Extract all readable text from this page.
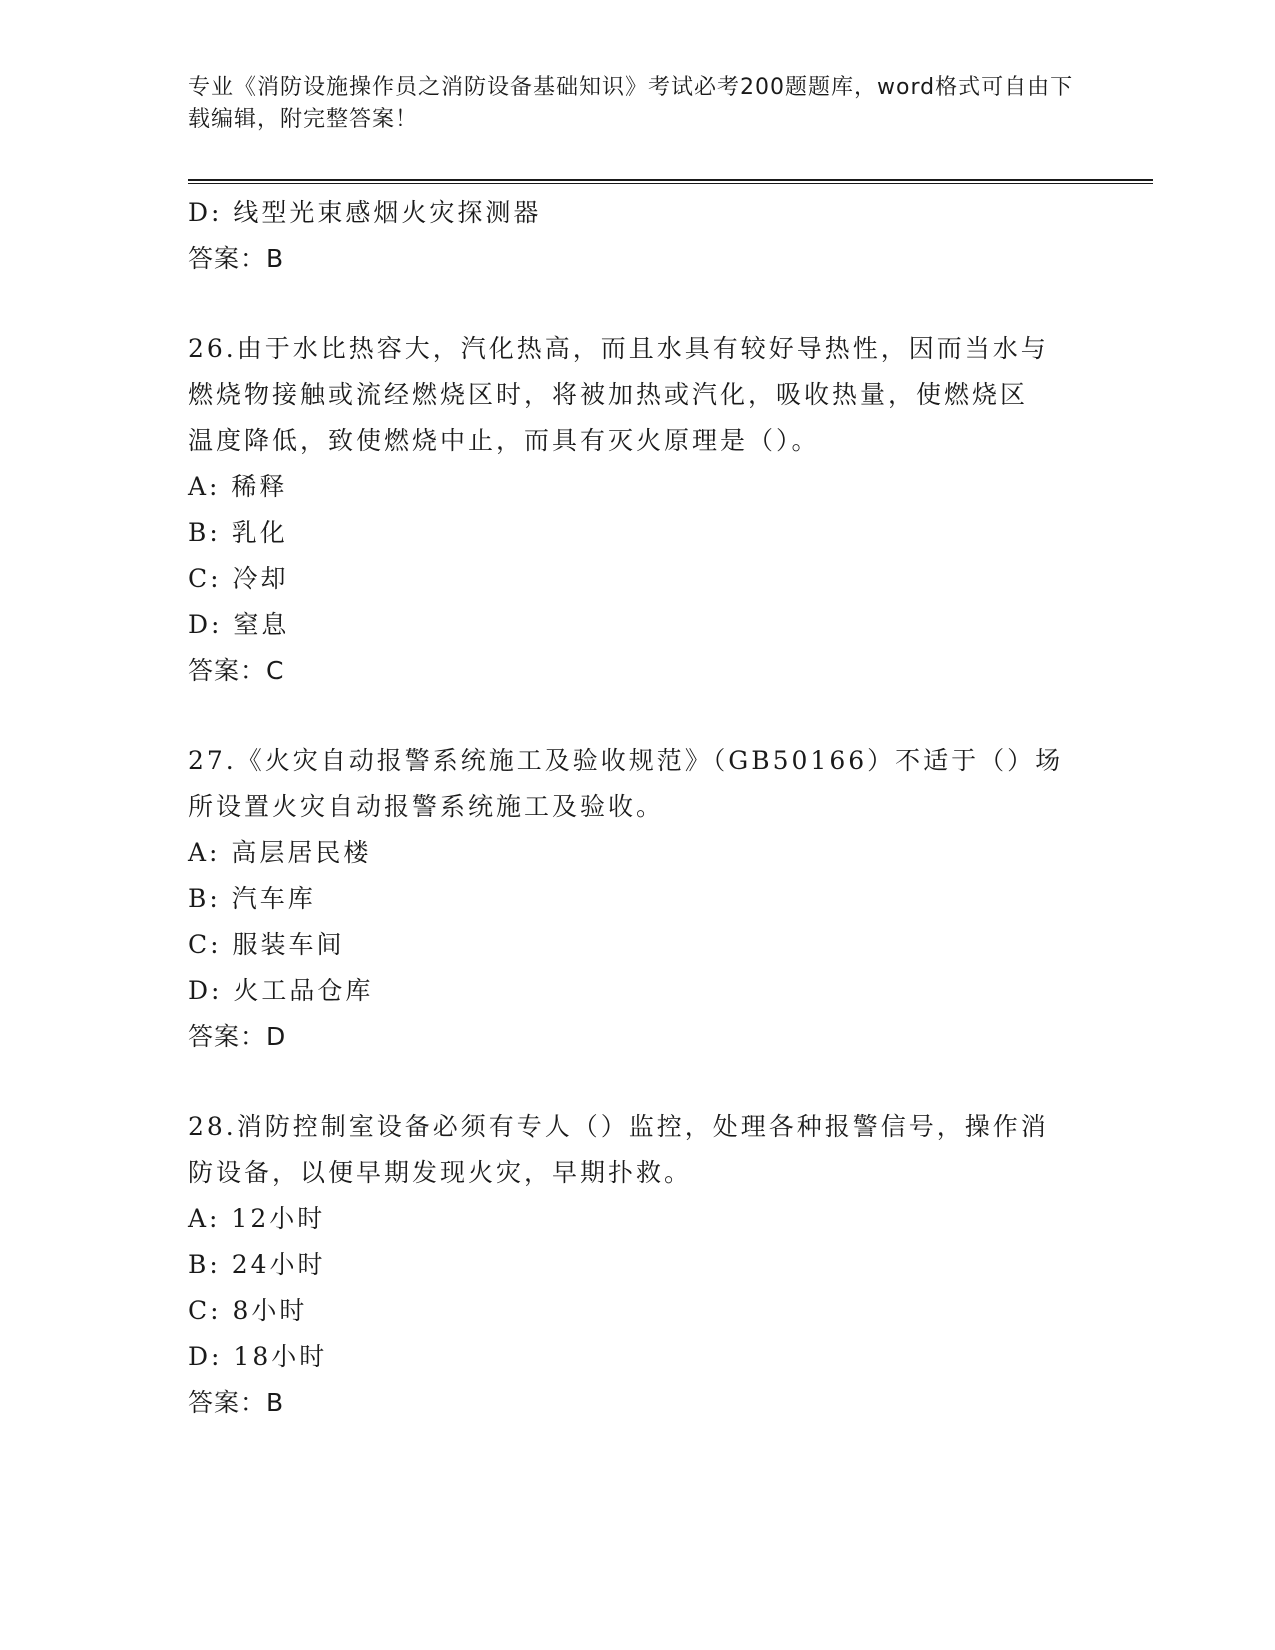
专业《消防设施操作员之消防设备基础知识》考试必考200题题库，word格式可自由下载编辑，附完整答案！
D: 线型光束感烟火灾探测器
答案：B
26.由于水比热容大，汽化热高，而且水具有较好导热性，因而当水与
燃烧物接触或流经燃烧区时，将被加热或汽化，吸收热量，使燃烧区
温度降低，致使燃烧中止，而具有灭火原理是（）。
A: 稀释
B: 乳化
C: 冷却
D: 窒息
答案：C
27.《火灾自动报警系统施工及验收规范》（GB50166）不适于（）场
所设置火灾自动报警系统施工及验收。
A: 高层居民楼
B: 汽车库
C: 服装车间
D: 火工品仓库
答案：D
28.消防控制室设备必须有专人（）监控，处理各种报警信号，操作消
防设备，以便早期发现火灾，早期扑救。
A: 12小时
B: 24小时
C: 8小时
D: 18小时
答案：B
